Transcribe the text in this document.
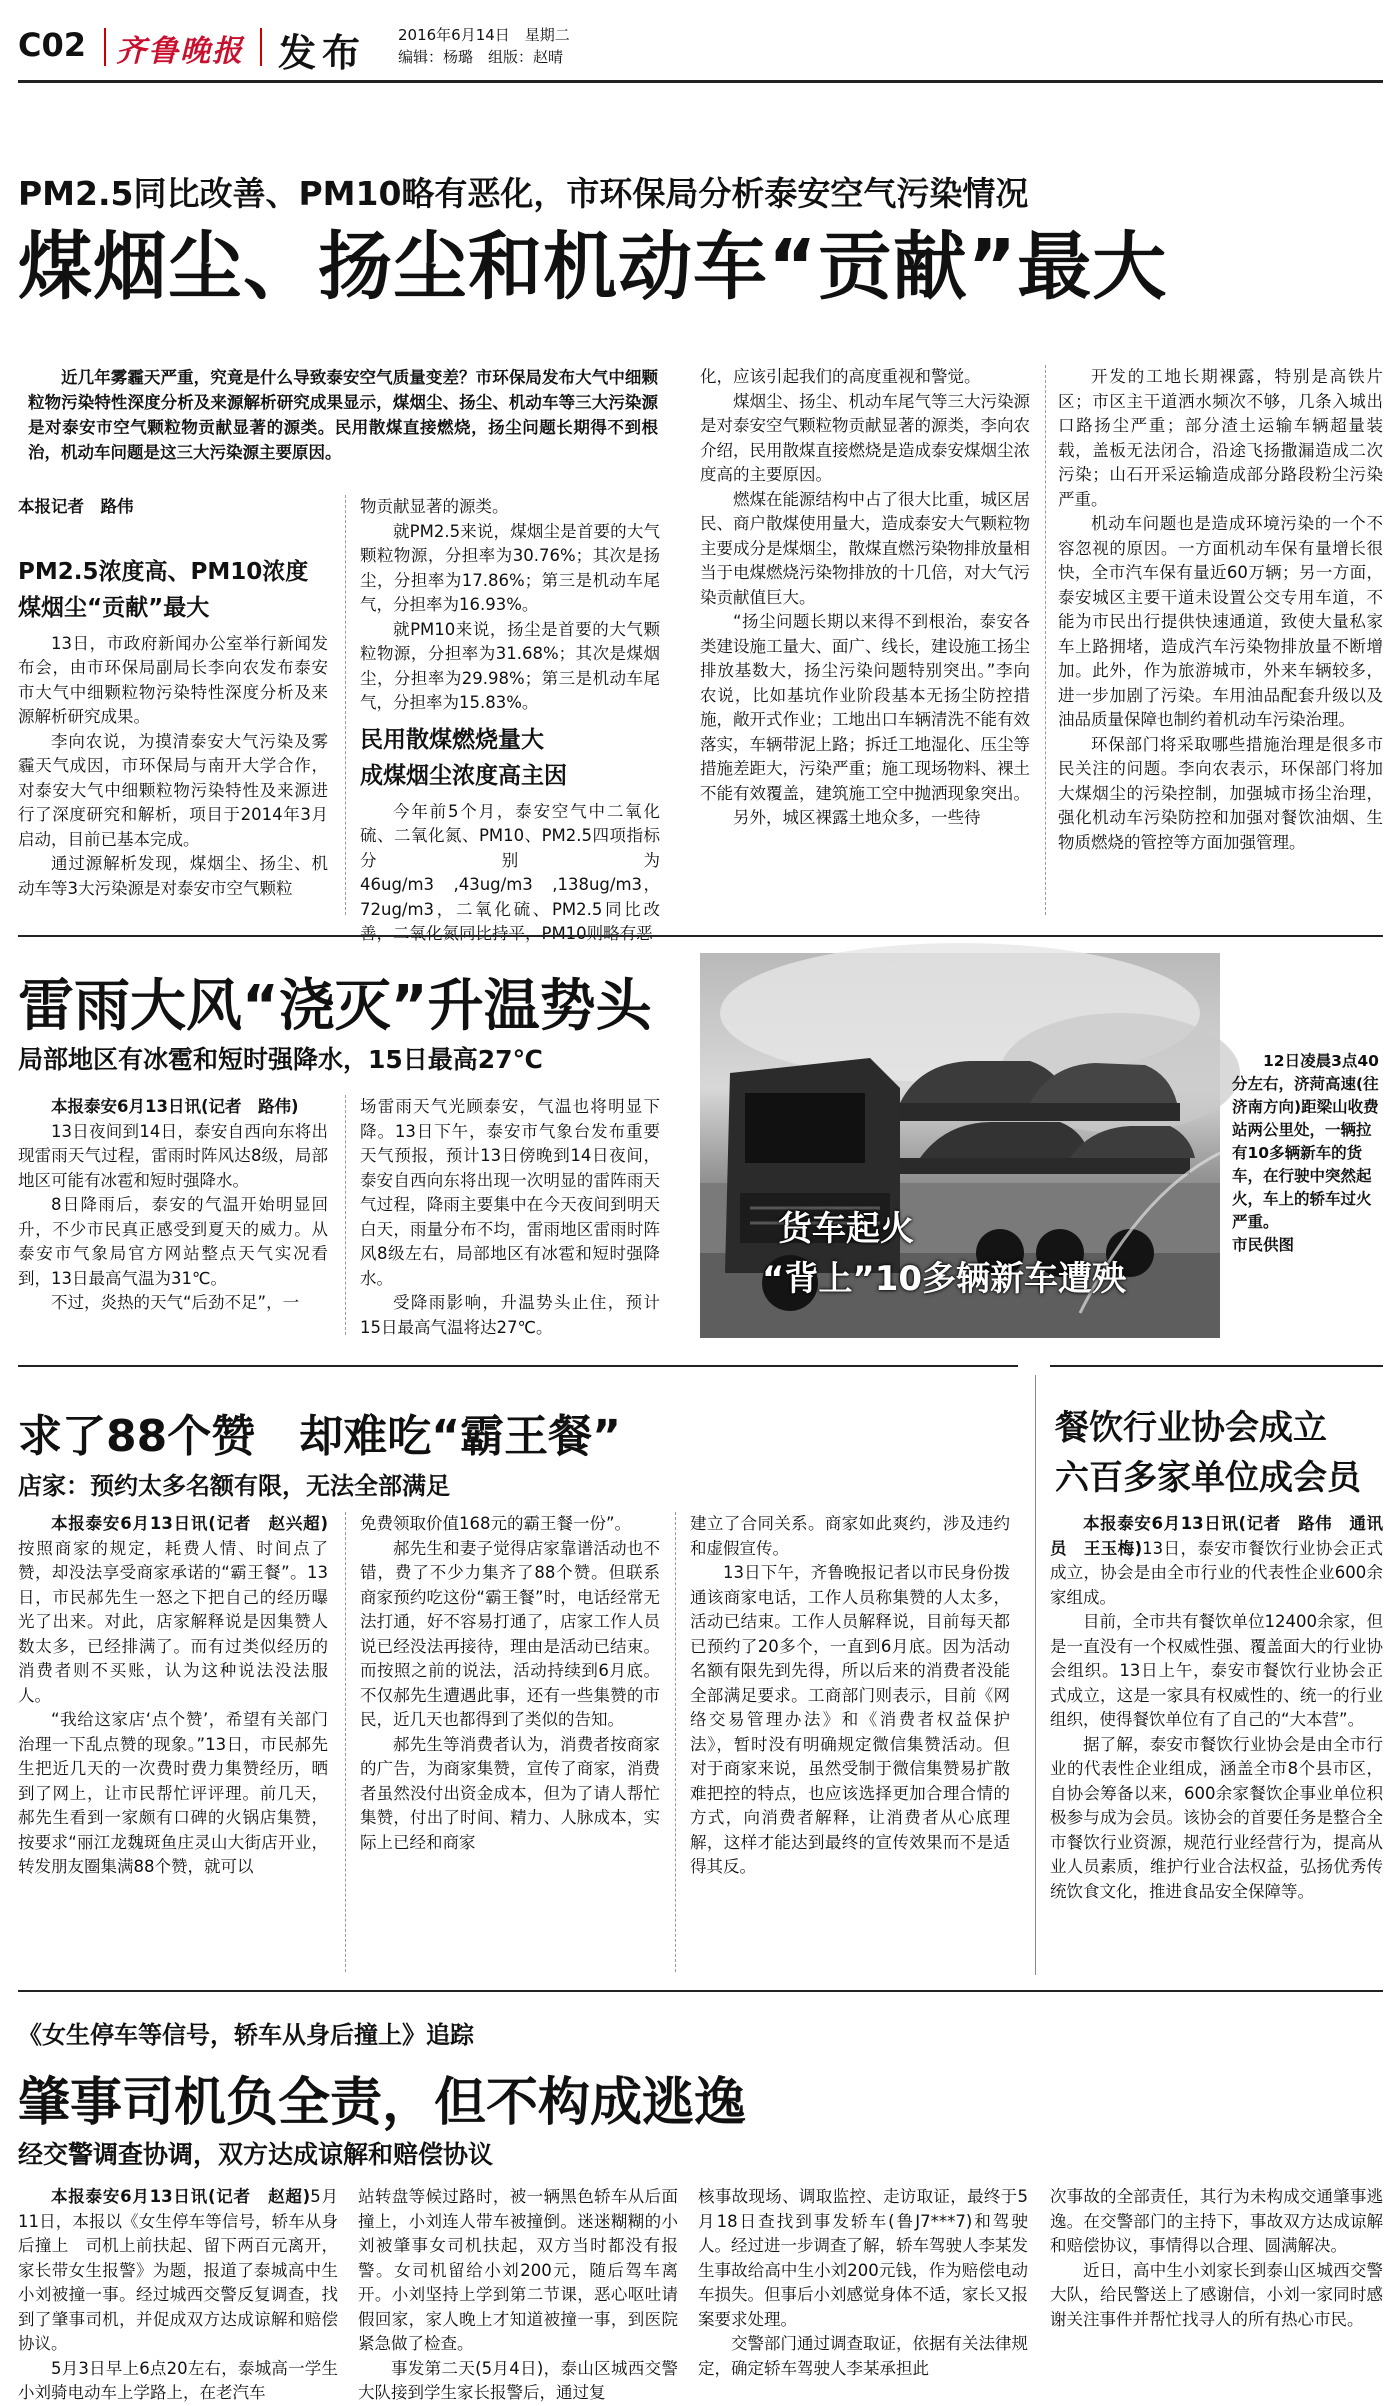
C02 齐鲁晚报 发布 2016年6月14日　星期二
编辑：杨璐　组版：赵晴
PM2.5同比改善、PM10略有恶化，市环保局分析泰安空气污染情况
煤烟尘、扬尘和机动车“贡献”最大

近几年雾霾天严重，究竟是什么导致泰安空气质量变差？市环保局发布大气中细颗粒物污染特性深度分析及来源解析研究成果显示，煤烟尘、扬尘、机动车等三大污染源是对泰安市空气颗粒物贡献显著的源类。民用散煤直接燃烧，扬尘问题长期得不到根治，机动车问题是这三大污染源主要原因。

本报记者　路伟

PM2.5浓度高、PM10浓度
煤烟尘“贡献”最大

13日，市政府新闻办公室举行新闻发布会，由市环保局副局长李向农发布泰安市大气中细颗粒物污染特性深度分析及来源解析研究成果。

李向农说，为摸清泰安大气污染及雾霾天气成因，市环保局与南开大学合作，对泰安大气中细颗粒物污染特性及来源进行了深度研究和解析，项目于2014年3月启动，目前已基本完成。

通过源解析发现，煤烟尘、扬尘、机动车等3大污染源是对泰安市空气颗粒

物贡献显著的源类。

就PM2.5来说，煤烟尘是首要的大气颗粒物源，分担率为30.76%；其次是扬尘，分担率为17.86%；第三是机动车尾气，分担率为16.93%。

就PM10来说，扬尘是首要的大气颗粒物源，分担率为31.68%；其次是煤烟尘，分担率为29.98%；第三是机动车尾气，分担率为15.83%。

民用散煤燃烧量大
成煤烟尘浓度高主因

今年前5个月，泰安空气中二氧化硫、二氧化氮、PM10、PM2.5四项指标分别为46ug/m3　,43ug/m3　,138ug/m3，72ug/m3，二氧化硫、PM2.5同比改善，二氧化氮同比持平，PM10则略有恶

化，应该引起我们的高度重视和警觉。

煤烟尘、扬尘、机动车尾气等三大污染源是对泰安空气颗粒物贡献显著的源类，李向农介绍，民用散煤直接燃烧是造成泰安煤烟尘浓度高的主要原因。

燃煤在能源结构中占了很大比重，城区居民、商户散煤使用量大，造成泰安大气颗粒物主要成分是煤烟尘，散煤直燃污染物排放量相当于电煤燃烧污染物排放的十几倍，对大气污染贡献值巨大。

“扬尘问题长期以来得不到根治，泰安各类建设施工量大、面广、线长，建设施工扬尘排放基数大，扬尘污染问题特别突出。”李向农说，比如基坑作业阶段基本无扬尘防控措施，敞开式作业；工地出口车辆清洗不能有效落实，车辆带泥上路；拆迁工地湿化、压尘等措施差距大，污染严重；施工现场物料、裸土不能有效覆盖，建筑施工空中抛洒现象突出。

另外，城区裸露土地众多，一些待

开发的工地长期裸露，特别是高铁片区；市区主干道洒水频次不够，几条入城出口路扬尘严重；部分渣土运输车辆超量装载，盖板无法闭合，沿途飞扬撒漏造成二次污染；山石开采运输造成部分路段粉尘污染严重。

机动车问题也是造成环境污染的一个不容忽视的原因。一方面机动车保有量增长很快，全市汽车保有量近60万辆；另一方面，泰安城区主要干道未设置公交专用车道，不能为市民出行提供快速通道，致使大量私家车上路拥堵，造成汽车污染物排放量不断增加。此外，作为旅游城市，外来车辆较多，进一步加剧了污染。车用油品配套升级以及油品质量保障也制约着机动车污染治理。

环保部门将采取哪些措施治理是很多市民关注的问题。李向农表示，环保部门将加大煤烟尘的污染控制，加强城市扬尘治理，强化机动车污染防控和加强对餐饮油烟、生物质燃烧的管控等方面加强管理。

雷雨大风“浇灭”升温势头
局部地区有冰雹和短时强降水，15日最高27℃

本报泰安6月13日讯(记者　路伟)

13日夜间到14日，泰安自西向东将出现雷雨天气过程，雷雨时阵风达8级，局部地区可能有冰雹和短时强降水。

8日降雨后，泰安的气温开始明显回升，不少市民真正感受到夏天的威力。从泰安市气象局官方网站整点天气实况看到，13日最高气温为31℃。

不过，炎热的天气“后劲不足”，一

场雷雨天气光顾泰安，气温也将明显下降。13日下午，泰安市气象台发布重要天气预报，预计13日傍晚到14日夜间，泰安自西向东将出现一次明显的雷阵雨天气过程，降雨主要集中在今天夜间到明天白天，雨量分布不均，雷雨地区雷雨时阵风8级左右，局部地区有冰雹和短时强降水。

受降雨影响，升温势头止住，预计15日最高气温将达27℃。

货车起火
“背上”10多辆新车遭殃

12日凌晨3点40分左右，济菏高速(往济南方向)距梁山收费站两公里处，一辆拉有10多辆新车的货车，在行驶中突然起火，车上的轿车过火严重。

市民供图

求了88个赞　却难吃“霸王餐”
店家：预约太多名额有限，无法全部满足

本报泰安6月13日讯(记者　赵兴超)按照商家的规定，耗费人情、时间点了赞，却没法享受商家承诺的“霸王餐”。13日，市民郝先生一怒之下把自己的经历曝光了出来。对此，店家解释说是因集赞人数太多，已经排满了。而有过类似经历的消费者则不买账，认为这种说法没法服人。

“我给这家店‘点个赞’，希望有关部门治理一下乱点赞的现象。”13日，市民郝先生把近几天的一次费时费力集赞经历，晒到了网上，让市民帮忙评评理。前几天，郝先生看到一家颇有口碑的火锅店集赞，按要求“丽江龙魏斑鱼庄灵山大街店开业，转发朋友圈集满88个赞，就可以

免费领取价值168元的霸王餐一份”。

郝先生和妻子觉得店家靠谱活动也不错，费了不少力集齐了88个赞。但联系商家预约吃这份“霸王餐”时，电话经常无法打通，好不容易打通了，店家工作人员说已经没法再接待，理由是活动已结束。而按照之前的说法，活动持续到6月底。不仅郝先生遭遇此事，还有一些集赞的市民，近几天也都得到了类似的告知。

郝先生等消费者认为，消费者按商家的广告，为商家集赞，宣传了商家，消费者虽然没付出资金成本，但为了请人帮忙集赞，付出了时间、精力、人脉成本，实际上已经和商家

建立了合同关系。商家如此爽约，涉及违约和虚假宣传。

13日下午，齐鲁晚报记者以市民身份拨通该商家电话，工作人员称集赞的人太多，活动已结束。工作人员解释说，目前每天都已预约了20多个，一直到6月底。因为活动名额有限先到先得，所以后来的消费者没能全部满足要求。工商部门则表示，目前《网络交易管理办法》和《消费者权益保护法》，暂时没有明确规定微信集赞活动。但对于商家来说，虽然受制于微信集赞易扩散难把控的特点，也应该选择更加合理合情的方式，向消费者解释，让消费者从心底理解，这样才能达到最终的宣传效果而不是适得其反。

餐饮行业协会成立
六百多家单位成会员

本报泰安6月13日讯(记者　路伟　通讯员　王玉梅)13日，泰安市餐饮行业协会正式成立，协会是由全市行业的代表性企业600余家组成。

目前，全市共有餐饮单位12400余家，但是一直没有一个权威性强、覆盖面大的行业协会组织。13日上午，泰安市餐饮行业协会正式成立，这是一家具有权威性的、统一的行业组织，使得餐饮单位有了自己的“大本营”。

据了解，泰安市餐饮行业协会是由全市行业的代表性企业组成，涵盖全市8个县市区，自协会筹备以来，600余家餐饮企事业单位积极参与成为会员。该协会的首要任务是整合全市餐饮行业资源，规范行业经营行为，提高从业人员素质，维护行业合法权益，弘扬优秀传统饮食文化，推进食品安全保障等。

《女生停车等信号，轿车从身后撞上》追踪
肇事司机负全责，但不构成逃逸
经交警调查协调，双方达成谅解和赔偿协议

本报泰安6月13日讯(记者　赵超)5月11日，本报以《女生停车等信号，轿车从身后撞上　司机上前扶起、留下两百元离开，家长带女生报警》为题，报道了泰城高中生小刘被撞一事。经过城西交警反复调查，找到了肇事司机，并促成双方达成谅解和赔偿协议。

5月3日早上6点20左右，泰城高一学生小刘骑电动车上学路上，在老汽车

站转盘等候过路时，被一辆黑色轿车从后面撞上，小刘连人带车被撞倒。迷迷糊糊的小刘被肇事女司机扶起，双方当时都没有报警。女司机留给小刘200元，随后驾车离开。小刘坚持上学到第二节课，恶心呕吐请假回家，家人晚上才知道被撞一事，到医院紧急做了检查。

事发第二天(5月4日)，泰山区城西交警大队接到学生家长报警后，通过复

核事故现场、调取监控、走访取证，最终于5月18日查找到事发轿车(鲁J7***7)和驾驶人。经过进一步调查了解，轿车驾驶人李某发生事故给高中生小刘200元钱，作为赔偿电动车损失。但事后小刘感觉身体不适，家长又报案要求处理。

交警部门通过调查取证，依据有关法律规定，确定轿车驾驶人李某承担此

次事故的全部责任，其行为未构成交通肇事逃逸。在交警部门的主持下，事故双方达成谅解和赔偿协议，事情得以合理、圆满解决。

近日，高中生小刘家长到泰山区城西交警大队，给民警送上了感谢信，小刘一家同时感谢关注事件并帮忙找寻人的所有热心市民。
